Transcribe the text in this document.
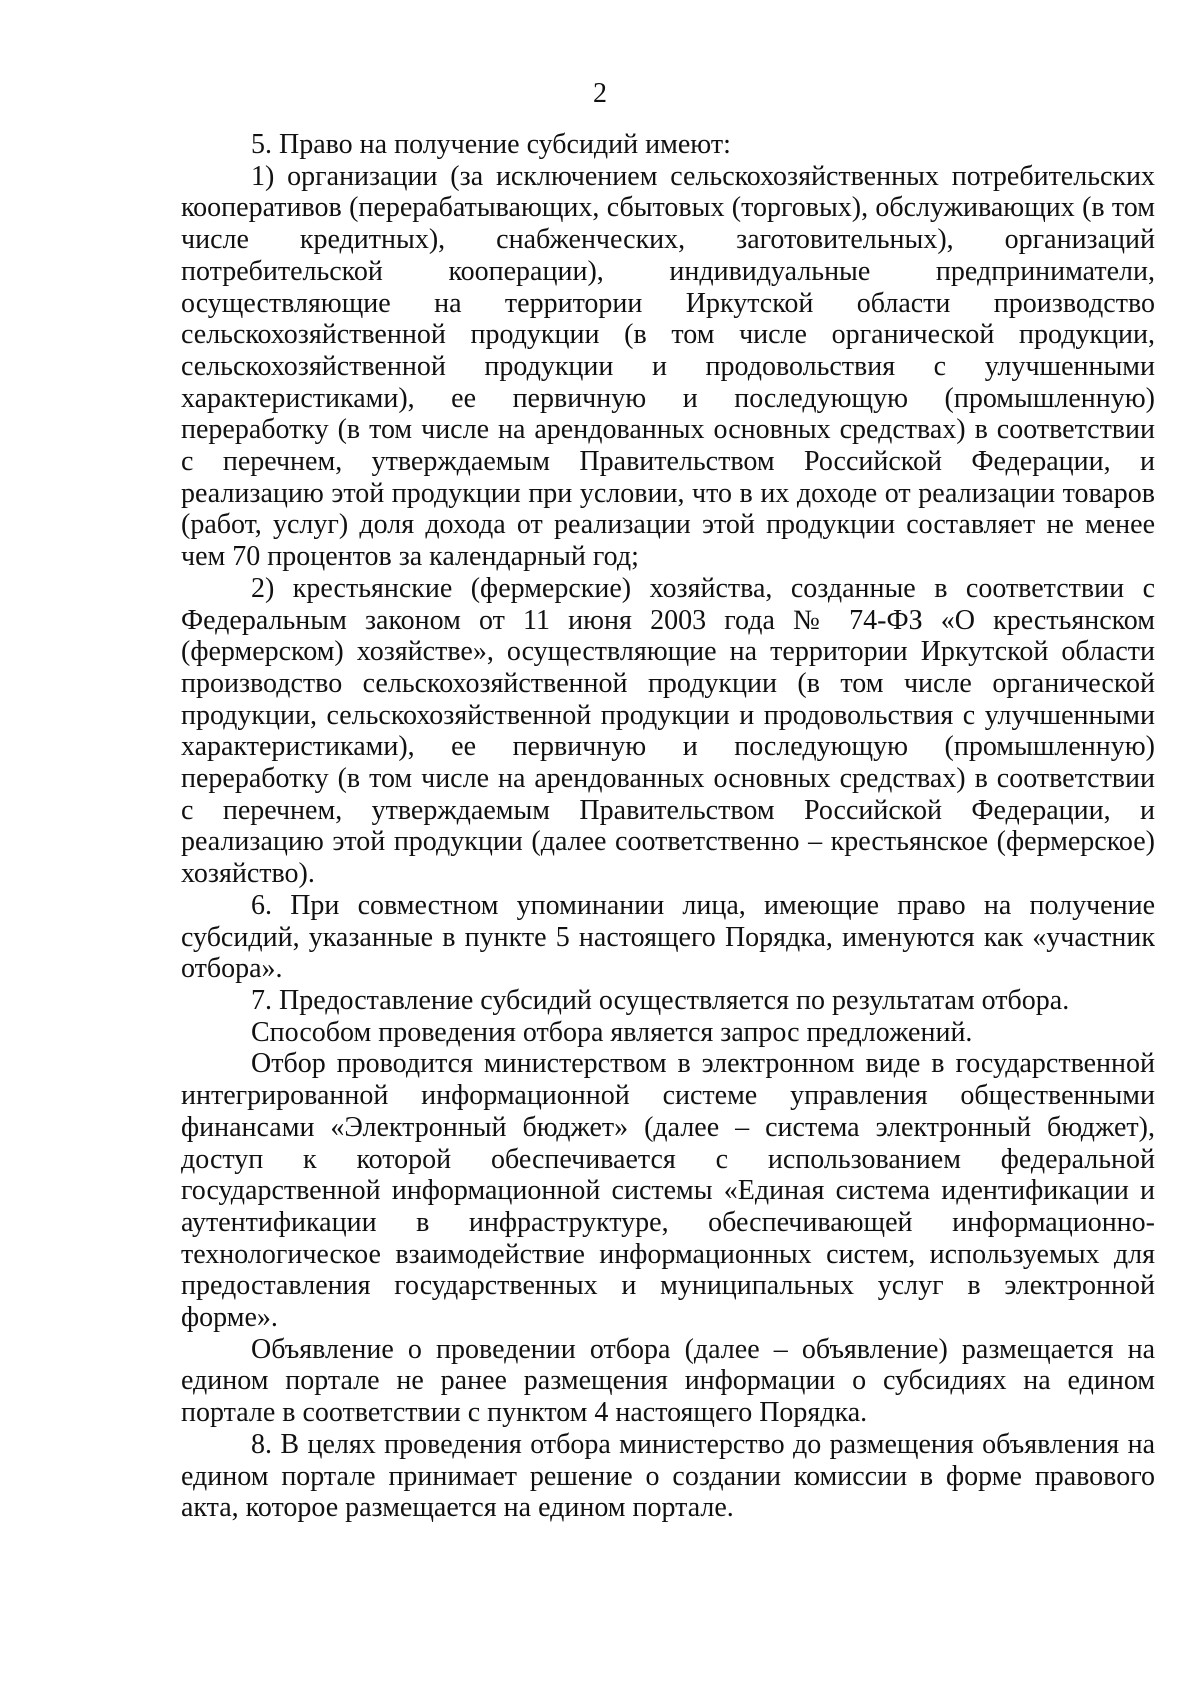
2

5. Право на получение субсидий имеют:

1) организации (за исключением сельскохозяйственных потребительских кооперативов (перерабатывающих, сбытовых (торговых), обслуживающих (в том числе кредитных), снабженческих, заготовительных), организаций потребительской кооперации), индивидуальные предприниматели, осуществляющие на территории Иркутской области производство сельскохозяйственной продукции (в том числе органической продукции, сельскохозяйственной продукции и продовольствия с улучшенными характеристиками), ее первичную и последующую (промышленную) переработку (в том числе на арендованных основных средствах) в соответствии с перечнем, утверждаемым Правительством Российской Федерации, и реализацию этой продукции при условии, что в их доходе от реализации товаров (работ, услуг) доля дохода от реализации этой продукции составляет не менее чем 70 процентов за календарный год;

2) крестьянские (фермерские) хозяйства, созданные в соответствии с Федеральным законом от 11 июня 2003 года № 74-ФЗ «О крестьянском (фермерском) хозяйстве», осуществляющие на территории Иркутской области производство сельскохозяйственной продукции (в том числе органической продукции, сельскохозяйственной продукции и продовольствия с улучшенными характеристиками), ее первичную и последующую (промышленную) переработку (в том числе на арендованных основных средствах) в соответствии с перечнем, утверждаемым Правительством Российской Федерации, и реализацию этой продукции (далее соответственно – крестьянское (фермерское) хозяйство).

6. При совместном упоминании лица, имеющие право на получение субсидий, указанные в пункте 5 настоящего Порядка, именуются как «участник отбора».

7. Предоставление субсидий осуществляется по результатам отбора.

Способом проведения отбора является запрос предложений.

Отбор проводится министерством в электронном виде в государственной интегрированной информационной системе управления общественными финансами «Электронный бюджет» (далее – система электронный бюджет), доступ к которой обеспечивается с использованием федеральной государственной информационной системы «Единая система идентификации и аутентификации в инфраструктуре, обеспечивающей информационно-технологическое взаимодействие информационных систем, используемых для предоставления государственных и муниципальных услуг в электронной форме».

Объявление о проведении отбора (далее – объявление) размещается на едином портале не ранее размещения информации о субсидиях на едином портале в соответствии с пунктом 4 настоящего Порядка.

8. В целях проведения отбора министерство до размещения объявления на едином портале принимает решение о создании комиссии в форме правового акта, которое размещается на едином портале.
